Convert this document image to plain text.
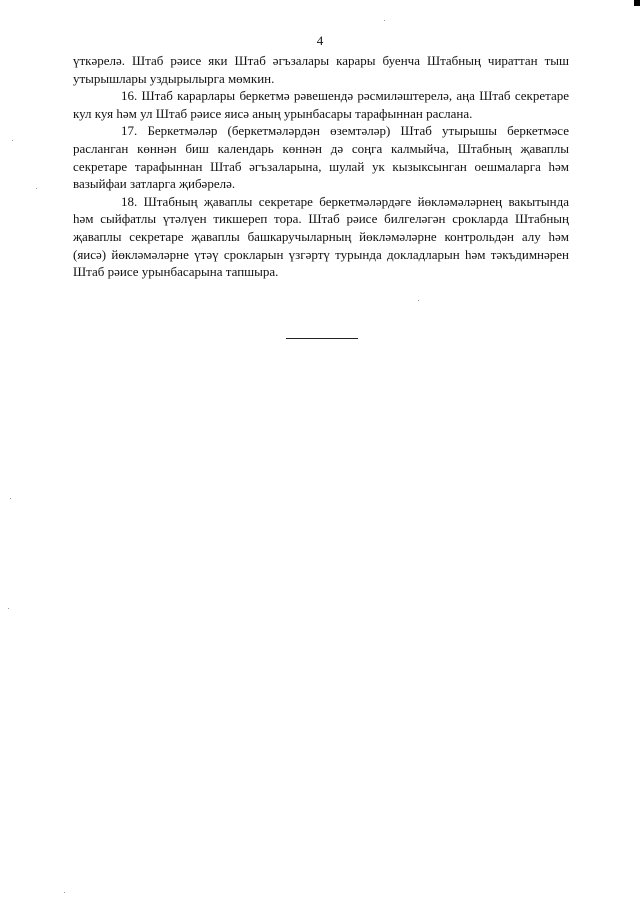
4

үткәрелә. Штаб рәисе яки Штаб әгъзалары карары буенча Штабның чираттан тыш утырышлары уздырылырга мөмкин.

16. Штаб карарлары беркетмә рәвешендә рәсмиләштерелә, аңа Штаб секретаре кул куя һәм ул Штаб рәисе яисә аның урынбасары тарафыннан раслана.

17. Беркетмәләр (беркетмәләрдән өземтәләр) Штаб утырышы беркетмәсе расланган көннән биш календарь көннән дә соңга калмыйча, Штабның җаваплы секретаре тарафыннан Штаб әгъзаларына, шулай ук кызыксынган оешмаларга һәм вазыйфаи затларга җибәрелә.

18. Штабның җаваплы секретаре беркетмәләрдәге йөкләмәләрнең вакытында һәм сыйфатлы үтәлүен тикшереп тора. Штаб рәисе билгеләгән срокларда Штабның җаваплы секретаре җаваплы башкаручыларның йөкләмәләрне контрольдән алу һәм (яисә) йөкләмәләрне үтәү срокларын үзгәртү турында докладларын һәм тәкъдимнәрен Штаб рәисе урынбасарына тапшыра.
